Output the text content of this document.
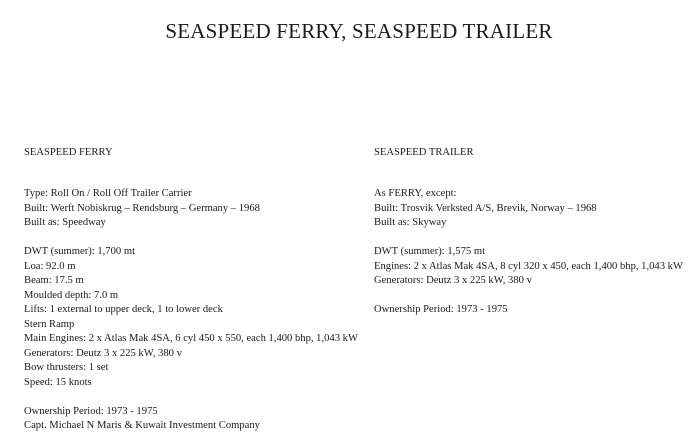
SEASPEED FERRY, SEASPEED TRAILER
SEASPEED FERRY
Type: Roll On / Roll Off Trailer Carrier
Built: Werft Nobiskrug – Rendsburg – Germany – 1968
Built as: Speedway
DWT (summer): 1,700 mt
Loa: 92.0 m
Beam: 17.5 m
Moulded depth: 7.0 m
Lifts: 1 external to upper deck, 1 to lower deck
Stern Ramp
Main Engines: 2 x Atlas Mak 4SA, 6 cyl 450 x 550, each 1,400 bhp, 1,043 kW
Generators: Deutz 3 x 225 kW, 380 v
Bow thrusters: 1 set
Speed: 15 knots
Ownership Period: 1973 - 1975
Capt. Michael N Maris & Kuwait Investment Company
SEASPEED TRAILER
As FERRY, except:
Built: Trosvik Verksted A/S, Brevik, Norway – 1968
Built as: Skyway
DWT (summer): 1,575 mt
Engines: 2 x Atlas Mak 4SA, 8 cyl 320 x 450, each 1,400 bhp, 1,043 kW
Generators: Deutz 3 x 225 kW, 380 v
Ownership Period: 1973 - 1975
